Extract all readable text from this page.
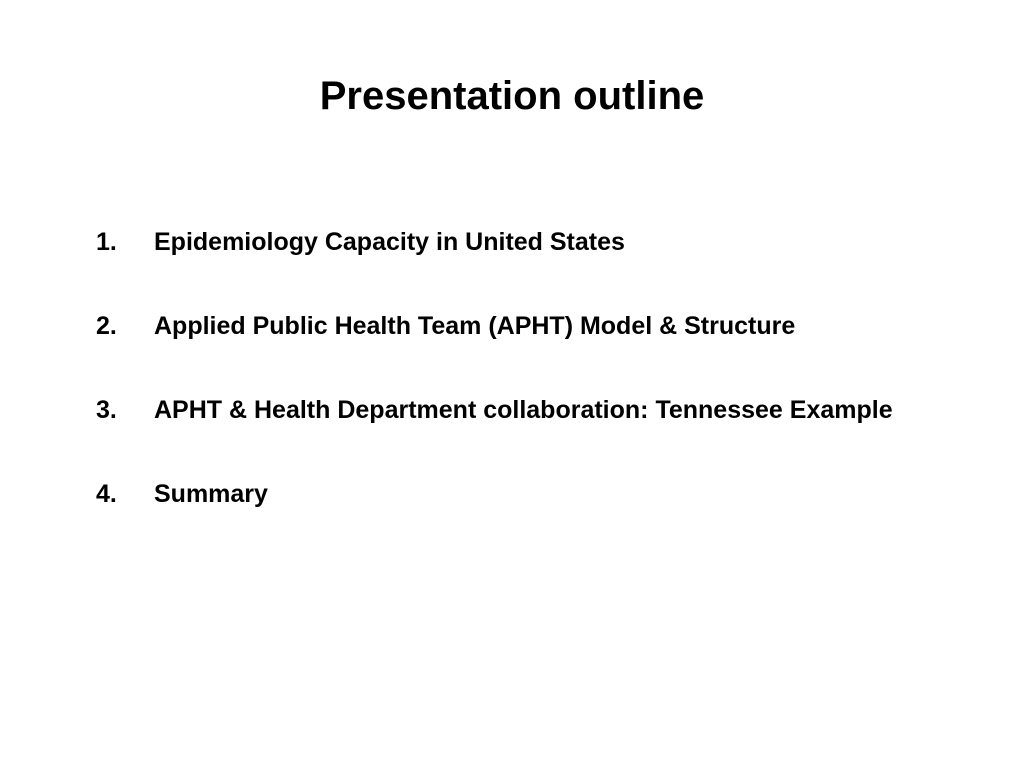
Presentation outline
1.	Epidemiology Capacity in United States
2.	Applied Public Health Team (APHT) Model & Structure
3.	APHT & Health Department collaboration: Tennessee Example
4.	Summary
